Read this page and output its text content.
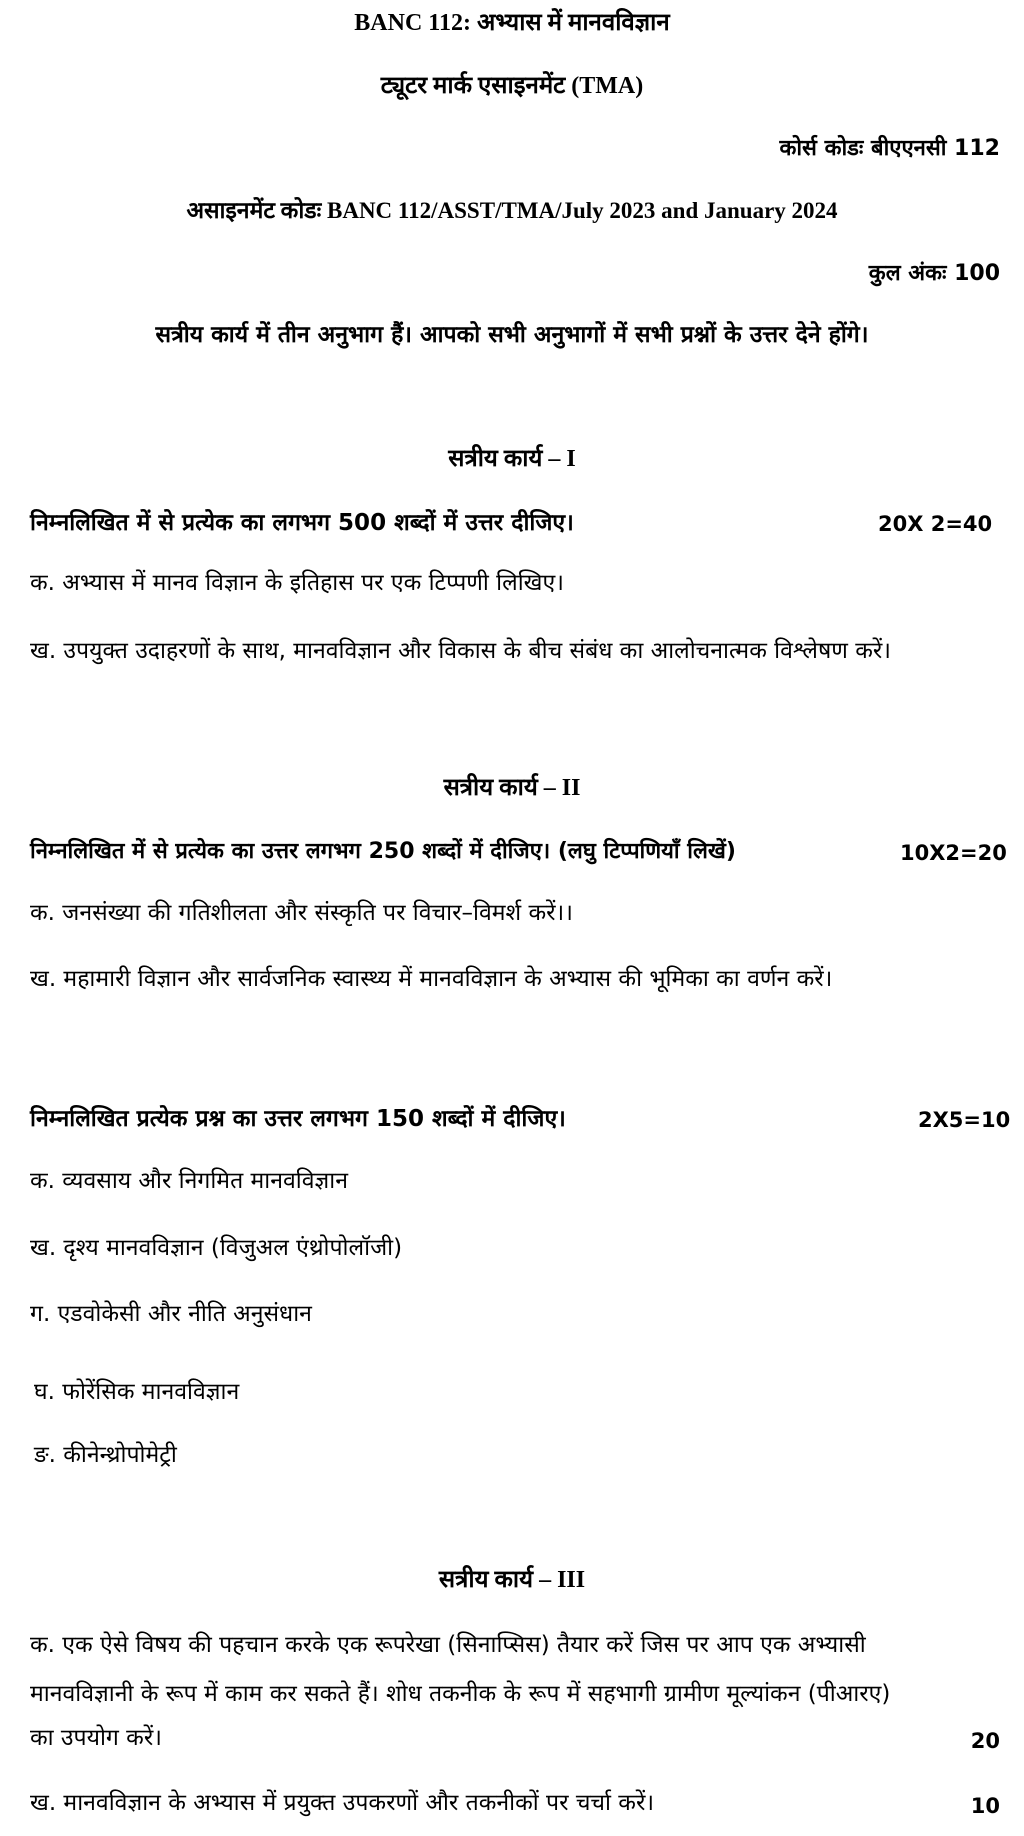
BANC 112: अभ्यास में मानवविज्ञान
ट्यूटर मार्क एसाइनमेंट (TMA)
कोर्स कोडः बीएएनसी 112
असाइनमेंट कोडः BANC 112/ASST/TMA/July 2023 and January 2024
कुल अंकः 100
सत्रीय कार्य में तीन अनुभाग हैं। आपको सभी अनुभागों में सभी प्रश्नों के उत्तर देने होंगे।
सत्रीय कार्य – I
निम्नलिखित में से प्रत्येक का लगभग 500 शब्दों में उत्तर दीजिए।	20X 2=40
क. अभ्यास में मानव विज्ञान के इतिहास पर एक टिप्पणी लिखिए।
ख. उपयुक्त उदाहरणों के साथ, मानवविज्ञान और विकास के बीच संबंध का आलोचनात्मक विश्लेषण करें।
सत्रीय कार्य – II
निम्नलिखित में से प्रत्येक का उत्तर लगभग 250 शब्दों में दीजिए। (लघु टिप्पणियाँ लिखें)	10X2=20
क. जनसंख्या की गतिशीलता और संस्कृति पर विचार–विमर्श करें।।
ख. महामारी विज्ञान और सार्वजनिक स्वास्थ्य में मानवविज्ञान के अभ्यास की भूमिका का वर्णन करें।
निम्नलिखित प्रत्येक प्रश्न का उत्तर लगभग 150 शब्दों में दीजिए।	2X5=10
क. व्यवसाय और निगमित मानवविज्ञान
ख. दृश्य मानवविज्ञान (विजुअल एंथ्रोपोलॉजी)
ग. एडवोकेसी और नीति अनुसंधान
घ. फोरेंसिक मानवविज्ञान
ङ. कीनेन्थ्रोपोमेट्री
सत्रीय कार्य – III
क. एक ऐसे विषय की पहचान करके एक रूपरेखा (सिनाप्सिस) तैयार करें जिस पर आप एक अभ्यासी
मानवविज्ञानी के रूप में काम कर सकते हैं। शोध तकनीक के रूप में सहभागी ग्रामीण मूल्यांकन (पीआरए)
का उपयोग करें।	20
ख. मानवविज्ञान के अभ्यास में प्रयुक्त उपकरणों और तकनीकों पर चर्चा करें।	10
